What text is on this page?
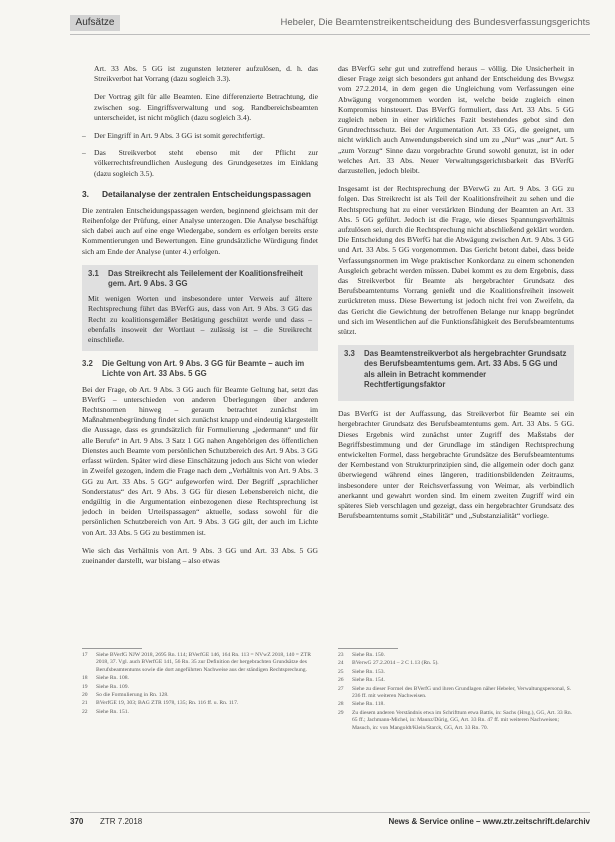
Aufsätze	Hebeler, Die Beamtenstreikentscheidung des Bundesverfassungsgerichts

Art. 33 Abs. 5 GG ist zugunsten letzterer aufzulösen, d. h. das Streikverbot hat Vorrang (dazu sogleich 3.3).

Der Vortrag gilt für alle Beamten. Eine differenzierte Betrachtung, die zwischen sog. Eingriffsverwaltung und sog. Randbereichsbeamten unterscheidet, ist nicht möglich (dazu sogleich 3.4).

–	Der Eingriff in Art. 9 Abs. 3 GG ist somit gerechtfertigt.
–	Das Streikverbot steht ebenso mit der Pflicht zur völkerrechtsfreundlichen Auslegung des Grundgesetzes im Einklang (dazu sogleich 3.5).
3.	Detailanalyse der zentralen Entscheidungspassagen

Die zentralen Entscheidungspassagen werden, beginnend gleichsam mit der Reihenfolge der Prüfung, einer Analyse unterzogen. Die Analyse beschäftigt sich dabei auch auf eine enge Wiedergabe, sondern es erfolgen bereits erste Kommentierungen und Bewertungen. Eine grundsätzliche Würdigung findet sich am Ende der Analyse (unter 4.) erfolgen.

3.1	Das Streikrecht als Teilelement der Koalitionsfreiheit gem. Art. 9 Abs. 3 GG

Mit wenigen Worten und insbesondere unter Verweis auf ältere Rechtsprechung führt das BVerfG aus, dass von Art. 9 Abs. 3 GG das Recht zu koalitionsgemäßer Betätigung geschützt werde und dass – ebenfalls insoweit der Wortlaut – zulässig ist – die Streikrecht einschließe.

3.2	Die Geltung von Art. 9 Abs. 3 GG für Beamte – auch im Lichte von Art. 33 Abs. 5 GG

Bei der Frage, ob Art. 9 Abs. 3 GG auch für Beamte Geltung hat, setzt das BVerfG – unterschieden von anderen Überlegungen über anderen Rechtsnormen hinweg – geraum betrachtet zunächst im Maßnahmenbegründung findet sich zunächst knapp und eindeutig klargestellt die Aussage, dass es grundsätzlich für Formulierung „jedermann“ und für alle Berufe“ in Art. 9 Abs. 3 Satz 1 GG nahen Angehörigen des öffentlichen Dienstes auch Beamte vom persönlichen Schutzbereich des Art. 9 Abs. 3 GG erfasst würden. Später wird diese Einschätzung jedoch aus Sicht von wieder in Zweifel gezogen, indem die Frage nach dem „Verhältnis von Art. 9 Abs. 3 GG zu Art. 33 Abs. 5 GG“ aufgeworfen wird. Der Begriff „sprachlicher Sonderstatus“ des Art. 9 Abs. 3 GG für diesen Lebensbereich nicht, die endgültig in die Argumentation einbezogenen diese Rechtsprechung ist jedoch in beiden Urteilspassagen“ aktuelle, sodass sowohl für die persönlichen Schutzbereich von Art. 9 Abs. 3 GG gilt, der auch im Lichte von Art. 33 Abs. 5 GG zu bestimmen ist.

Wie sich das Verhältnis von Art. 9 Abs. 3 GG und Art. 33 Abs. 5 GG zueinander darstellt, war bislang – also etwas

das BVerfG sehr gut und zutreffend heraus – völlig. Die Unsicherheit in dieser Frage zeigt sich besonders gut anhand der Entscheidung des Bvwgsz vom 27.2.2014, in dem gegen die Ungleichung vom Verfassungen eine Abwägung vorgenommen worden ist, welche beide zugleich einen Kompromiss hinsteuert. Das BVerfG formuliert, dass Art. 33 Abs. 5 GG zugleich neben in einer wirkliches Fazit bestehendes gebot sind den Grundrechtsschutz. Bei der Argumentation Art. 33 GG, die geeignet, um nicht wirklich auch Anwendungsbereich sind um zu „Nur“ was „nur“ Art. 5 „zum Vorzug“ Sinne dazu vorgebrachte Grund sowohl genutzt, ist in oder welches Art. 33 Abs. Neuer Verwaltungsgerichtsbarkeit das BVerfG darzustellen, jedoch bleibt.

Insgesamt ist der Rechtsprechung der BVerwG zu Art. 9 Abs. 3 GG zu folgen. Das Streikrecht ist als Teil der Koalitionsfreiheit zu sehen und die Rechtsprechung hat zu einer verstärkten Bindung der Beamten an Art. 33 Abs. 5 GG geführt. Jedoch ist die Frage, wie dieses Spannungsverhältnis aufzulösen sei, durch die Rechtsprechung nicht abschließend geklärt worden. Die Entscheidung des BVerfG hat die Abwägung zwischen Art. 9 Abs. 3 GG und Art. 33 Abs. 5 GG vorgenommen. Das Gericht betont dabei, dass beide Verfassungsnormen im Wege praktischer Konkordanz zu einem schonenden Ausgleich gebracht werden müssen. Dabei kommt es zu dem Ergebnis, dass das Streikverbot für Beamte als hergebrachter Grundsatz des Berufsbeamtentums Vorrang genießt und die Koalitionsfreiheit insoweit zurücktreten muss. Diese Bewertung ist jedoch nicht frei von Zweifeln, da das Gericht die Gewichtung der betroffenen Belange nur knapp begründet und sich im Wesentlichen auf die Funktionsfähigkeit des Berufsbeamtentums stützt.

3.3	Das Beamtenstreikverbot als hergebrachter Grundsatz des Berufsbeamtentums gem. Art. 33 Abs. 5 GG und als allein in Betracht kommender Rechtfertigungsfaktor

Das BVerfG ist der Auffassung, das Streikverbot für Beamte sei ein hergebrachter Grundsatz des Berufsbeamtentums gem. Art. 33 Abs. 5 GG. Dieses Ergebnis wird zunächst unter Zugriff des Maßstabs der Begriffsbestimmung und der Grundlage im ständigen Rechtsprechung entwickelten Formel, dass hergebrachte Grundsätze des Berufsbeamtentums der Kernbestand von Strukturprinzipien sind, die allgemein oder doch ganz überwiegend während eines längeren, traditionsbildenden Zeitraums, insbesondere unter der Reichsverfassung von Weimar, als verbindlich anerkannt und gewahrt worden sind. Im einem zweiten Zugriff wird ein späteres Sieb verschlagen und gezeigt, dass ein hergebrachter Grundsatz des Berufsbeamtentums somit „Stabilität“ und „Substanzialität“ vorliege.

17	Siehe BVerfG NJW 2018, 2695 Rn. 114; BVerfGE 146, 164 Rn. 113 = NVwZ 2018, 140 = ZTR 2018, 37. Vgl. auch BVerfGE 141, 56 Rn. 35 zur Definition der hergebrachten Grundsätze des Berufsbeamtentums sowie die dort angeführten Nachweise aus der ständigen Rechtsprechung.
18	Siehe Rn. 108.
19	Siehe Rn. 109.
20	So die Formulierung in Rn. 128.
21	BVerfGE 19, 303; BAG ZTR 1978, 135; Rn. 116 ff. u. Rn. 117.
22	Siehe Rn. 151.
23	Siehe Rn. 150.
24	BVerwG 27.2.2014 – 2 C 1.13 (Rn. 5).
25	Siehe Rn. 153.
26	Siehe Rn. 154.
27	Siehe zu dieser Formel des BVerfG und ihren Grundlagen näher Hebeler, Verwaltungspersonal, S. 236 ff. mit weiteren Nachweisen.
28	Siehe Rn. 118.
29	Zu diesem anderen Verständnis etwa im Schrifttum etwa Battis, in: Sachs (Hrsg.), GG, Art. 33 Rn. 65 ff.; Jachmann-Michel, in: Maunz/Dürig, GG, Art. 33 Rn. 47 ff. mit weiteren Nachweisen; Masuch, in: von Mangoldt/Klein/Starck, GG, Art. 33 Rn. 70.
370 ZTR 7.2018	News & Service online – www.ztr.zeitschrift.de/archiv
